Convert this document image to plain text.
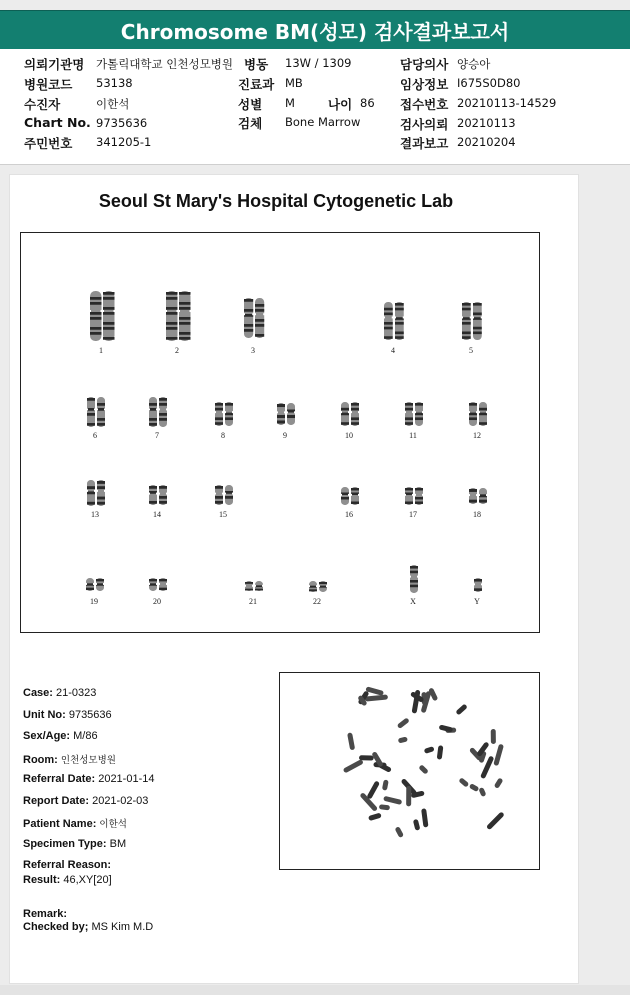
Chromosome BM(성모) 검사결과보고서
의뢰기관명 가톨릭대학교 인천성모병원 병동 13W / 1309	담당의사 양승아
병원코드 53138	진료과 MB	임상정보 I675S0D80
수진자	이한석	성별 M	나이 86 접수번호 20210113-14529
Chart No. 9735636	검체 Bone Marrow	검사의뢰 20210113
주민번호 341205-1	결과보고 20210204
Seoul St Mary's Hospital Cytogenetic Lab
1	2	3	4	5
6	7	8	9	10	11	12
13	14	15	16	17	18
19	20	21	22	X	Y
Case: 21-0323
Unit No: 9735636
Sex/Age: M/86
Room: 인천성모병원
Referral Date: 2021-01-14
Report Date: 2021-02-03
Patient Name: 이한석
Specimen Type: BM
Referral Reason:
Result: 46,XY[20]
Remark:
Checked by; MS Kim M.D
